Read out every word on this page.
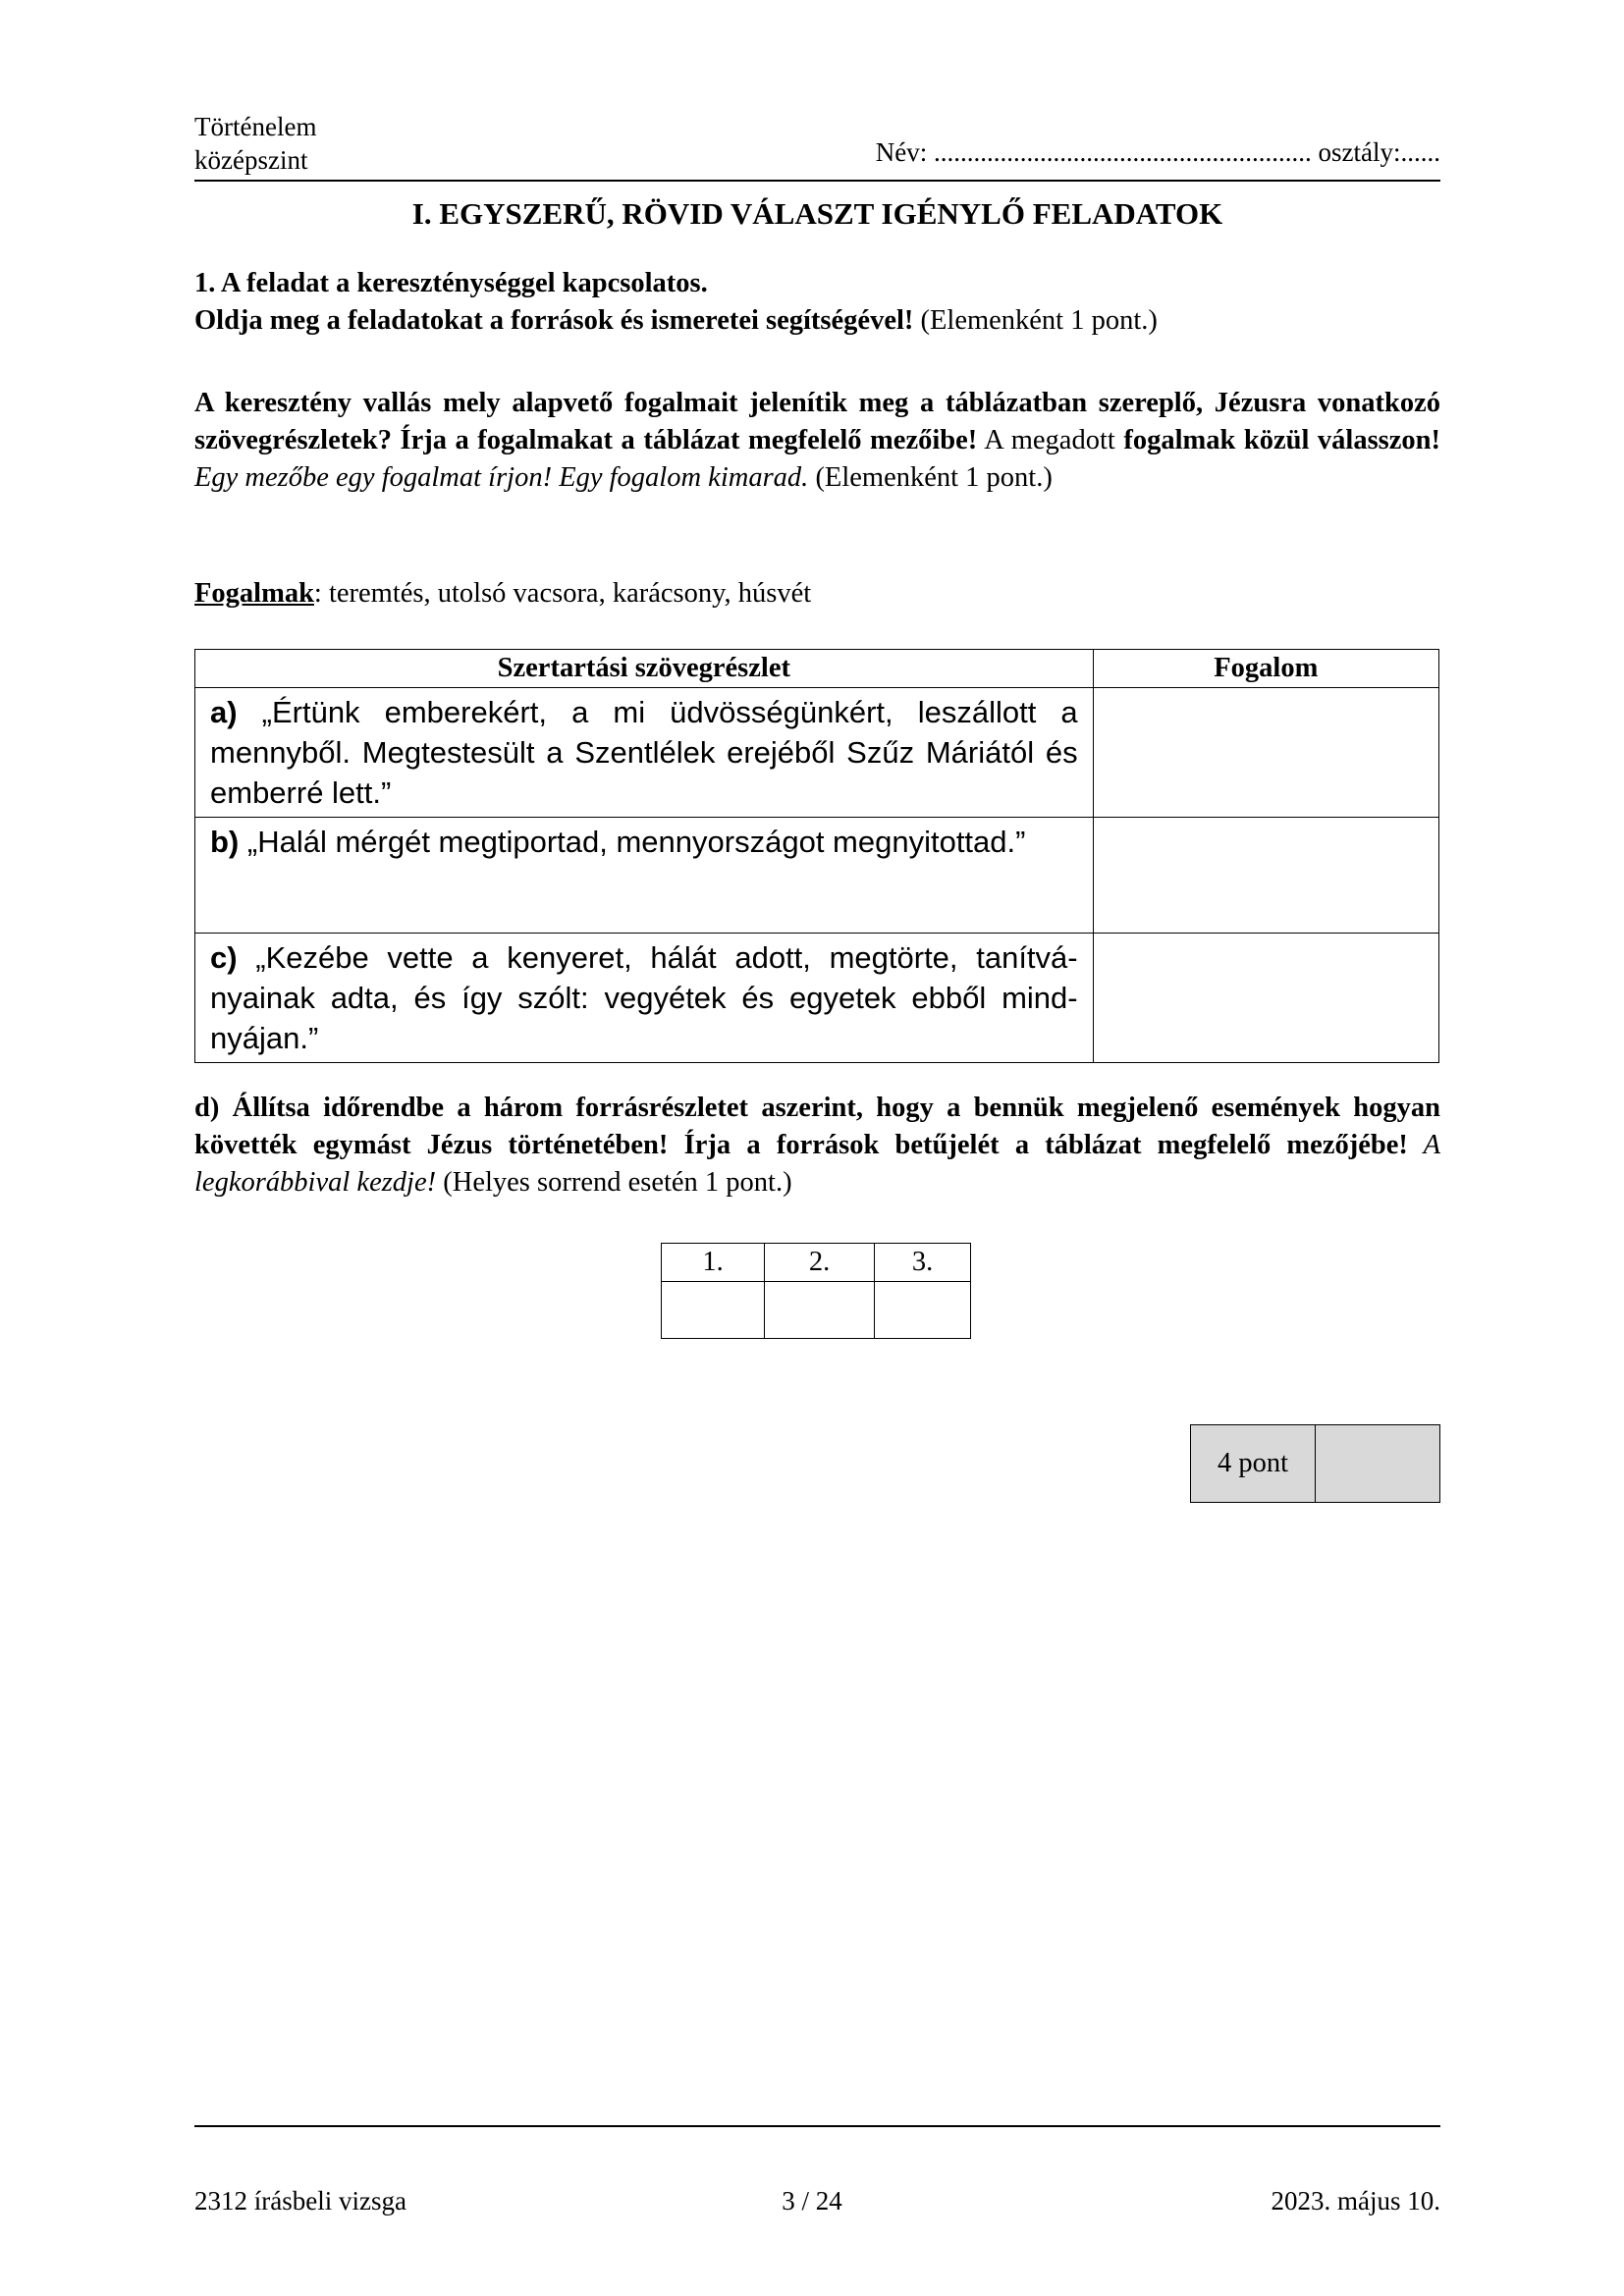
Történelem
középszint	Név: ......................................................... osztály:......
I. EGYSZERŰ, RÖVID VÁLASZT IGÉNYLŐ FELADATOK
1. A feladat a kereszténységgel kapcsolatos.
Oldja meg a feladatokat a források és ismeretei segítségével! (Elemenként 1 pont.)
A keresztény vallás mely alapvető fogalmait jelenítik meg a táblázatban szereplő, Jézusra vonatkozó szövegrészletek? Írja a fogalmakat a táblázat megfelelő mezőibe! A megadott fogalmak közül válasszon! Egy mezőbe egy fogalmat írjon! Egy fogalom kimarad. (Elemenként 1 pont.)
Fogalmak: teremtés, utolsó vacsora, karácsony, húsvét
Szertartási szövegrészlet	Fogalom
a) „Értünk emberekért, a mi üdvösségünkért, leszállott a mennyből. Megtestesült a Szentlélek erejéből Szűz Máriától és emberré lett.”	
b) „Halál mérgét megtiportad, mennyországot megnyitottad.”	
c) „Kezébe vette a kenyeret, hálát adott, megtörte, tanítványainak adta, és így szólt: vegyétek és egyetek ebből mindnyájan.”	
d) Állítsa időrendbe a három forrásrészletet aszerint, hogy a bennük megjelenő események hogyan követték egymást Jézus történetében! Írja a források betűjelét a táblázat megfelelő mezőjébe! A legkorábbival kezdje! (Helyes sorrend esetén 1 pont.)
1.	2.	3.

4 pont
2312 írásbeli vizsga	3 / 24	2023. május 10.
